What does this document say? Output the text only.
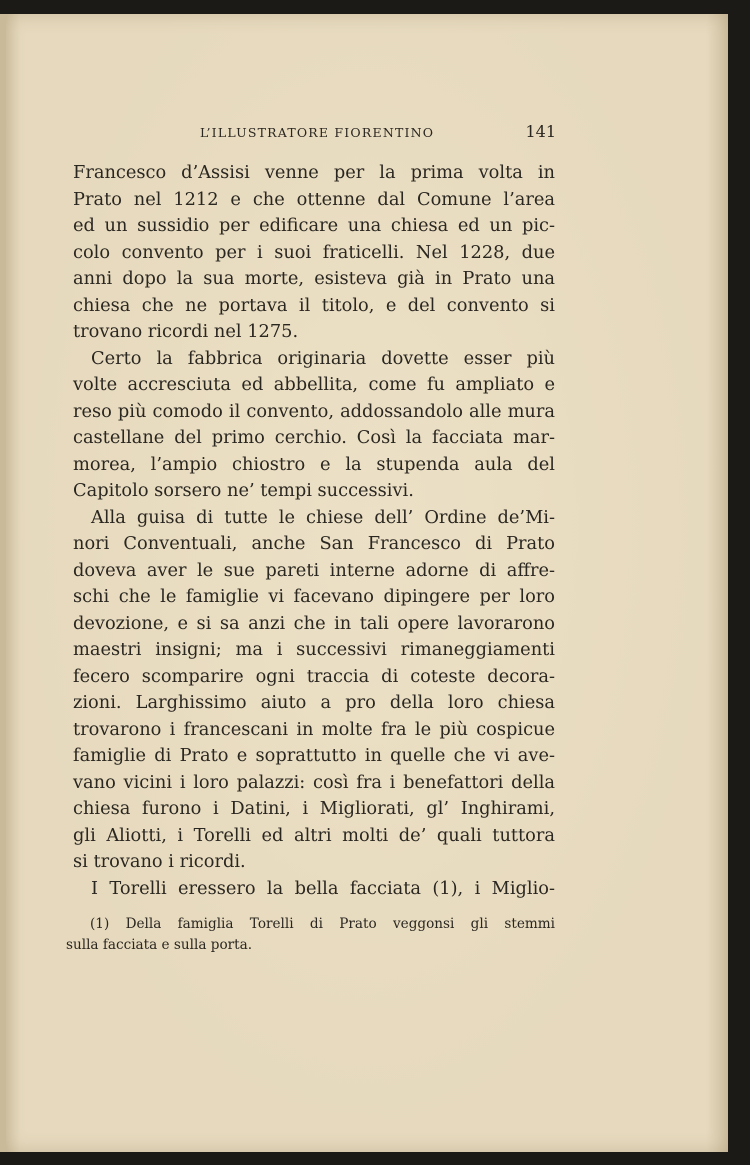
L’ILLUSTRATORE FIORENTINO	141
Francesco d’Assisi venne per la prima volta in
Prato nel 1212 e che ottenne dal Comune l’area
ed un sussidio per edificare una chiesa ed un pic-
colo convento per i suoi fraticelli. Nel 1228, due
anni dopo la sua morte, esisteva già in Prato una
chiesa che ne portava il titolo, e del convento si
trovano ricordi nel 1275.
Certo la fabbrica originaria dovette esser più
volte accresciuta ed abbellita, come fu ampliato e
reso più comodo il convento, addossandolo alle mura
castellane del primo cerchio. Così la facciata mar-
morea, l’ampio chiostro e la stupenda aula del
Capitolo sorsero ne’ tempi successivi.
Alla guisa di tutte le chiese dell’ Ordine de’Mi-
nori Conventuali, anche San Francesco di Prato
doveva aver le sue pareti interne adorne di affre-
schi che le famiglie vi facevano dipingere per loro
devozione, e si sa anzi che in tali opere lavorarono
maestri insigni; ma i successivi rimaneggiamenti
fecero scomparire ogni traccia di coteste decora-
zioni. Larghissimo aiuto a pro della loro chiesa
trovarono i francescani in molte fra le più cospicue
famiglie di Prato e soprattutto in quelle che vi ave-
vano vicini i loro palazzi: così fra i benefattori della
chiesa furono i Datini, i Migliorati, gl’ Inghirami,
gli Aliotti, i Torelli ed altri molti de’ quali tuttora
si trovano i ricordi.
I Torelli eressero la bella facciata (1), i Miglio-
(1) Della famiglia Torelli di Prato veggonsi gli stemmi
sulla facciata e sulla porta.
